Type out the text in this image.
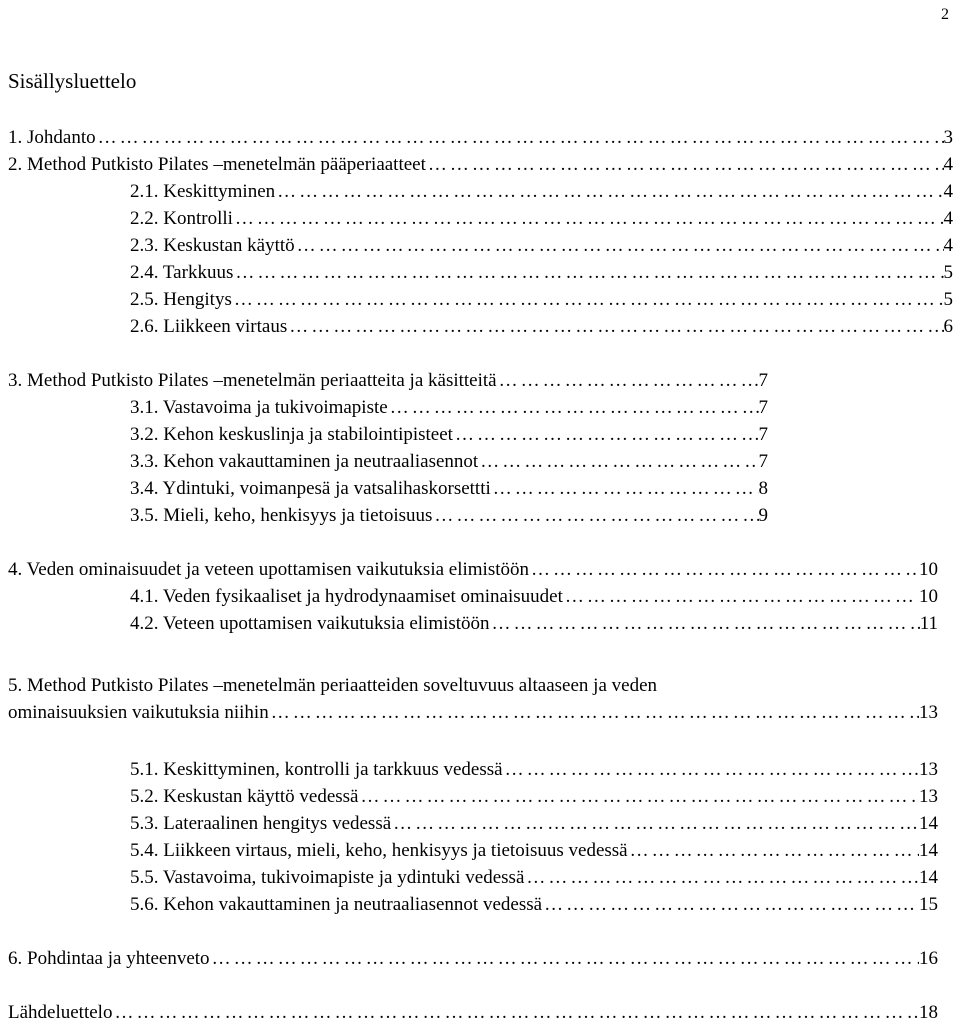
2
Sisällysluettelo
1. Johdanto ………………………………………………………………………………………………………………………………………	3
2. Method Putkisto Pilates –menetelmän pääperiaatteet ………………………………………………………………………………………………………………………………………	4
2.1. Keskittyminen ………………………………………………………………………………………………………………………………………	4
2.2. Kontrolli ………………………………………………………………………………………………………………………………………	4
2.3. Keskustan käyttö ………………………………………………………………………………………………………………………………………	4
2.4. Tarkkuus ………………………………………………………………………………………………………………………………………	5
2.5. Hengitys ………………………………………………………………………………………………………………………………………	5
2.6. Liikkeen virtaus ………………………………………………………………………………………………………………………………………	6
3. Method Putkisto Pilates –menetelmän periaatteita ja käsitteitä ………………………………………………………………………………………………………………………………………	7
3.1. Vastavoima ja tukivoimapiste ………………………………………………………………………………………………………………………………………	7
3.2. Kehon keskuslinja ja stabilointipisteet ………………………………………………………………………………………………………………………………………	7
3.3. Kehon vakauttaminen ja neutraaliasennot ………………………………………………………………………………………………………………………………………	7
3.4. Ydintuki, voimanpesä ja vatsalihaskorsettti ………………………………………………………………………………………………………………………………………	8
3.5. Mieli, keho, henkisyys ja tietoisuus ………………………………………………………………………………………………………………………………………	9
4. Veden ominaisuudet ja veteen upottamisen vaikutuksia elimistöön ………………………………………………………………………………………………………………………………………	10
4.1. Veden fysikaaliset ja hydrodynaamiset ominaisuudet ………………………………………………………………………………………………………………………………………	10
4.2. Veteen upottamisen vaikutuksia elimistöön ………………………………………………………………………………………………………………………………………	11
5. Method Putkisto Pilates –menetelmän periaatteiden soveltuvuus altaaseen ja veden
ominaisuuksien vaikutuksia niihin ………………………………………………………………………………………………………………………………………	13
5.1. Keskittyminen, kontrolli ja tarkkuus vedessä ………………………………………………………………………………………………………………………………………	13
5.2. Keskustan käyttö vedessä ………………………………………………………………………………………………………………………………………	13
5.3. Lateraalinen hengitys vedessä ………………………………………………………………………………………………………………………………………	14
5.4. Liikkeen virtaus, mieli, keho, henkisyys ja tietoisuus vedessä ………………………………………………………………………………………………………………………………………	14
5.5. Vastavoima, tukivoimapiste ja ydintuki vedessä ………………………………………………………………………………………………………………………………………	14
5.6. Kehon vakauttaminen ja neutraaliasennot vedessä ………………………………………………………………………………………………………………………………………	15
6. Pohdintaa ja yhteenveto ………………………………………………………………………………………………………………………………………	16
Lähdeluettelo ………………………………………………………………………………………………………………………………………	18
